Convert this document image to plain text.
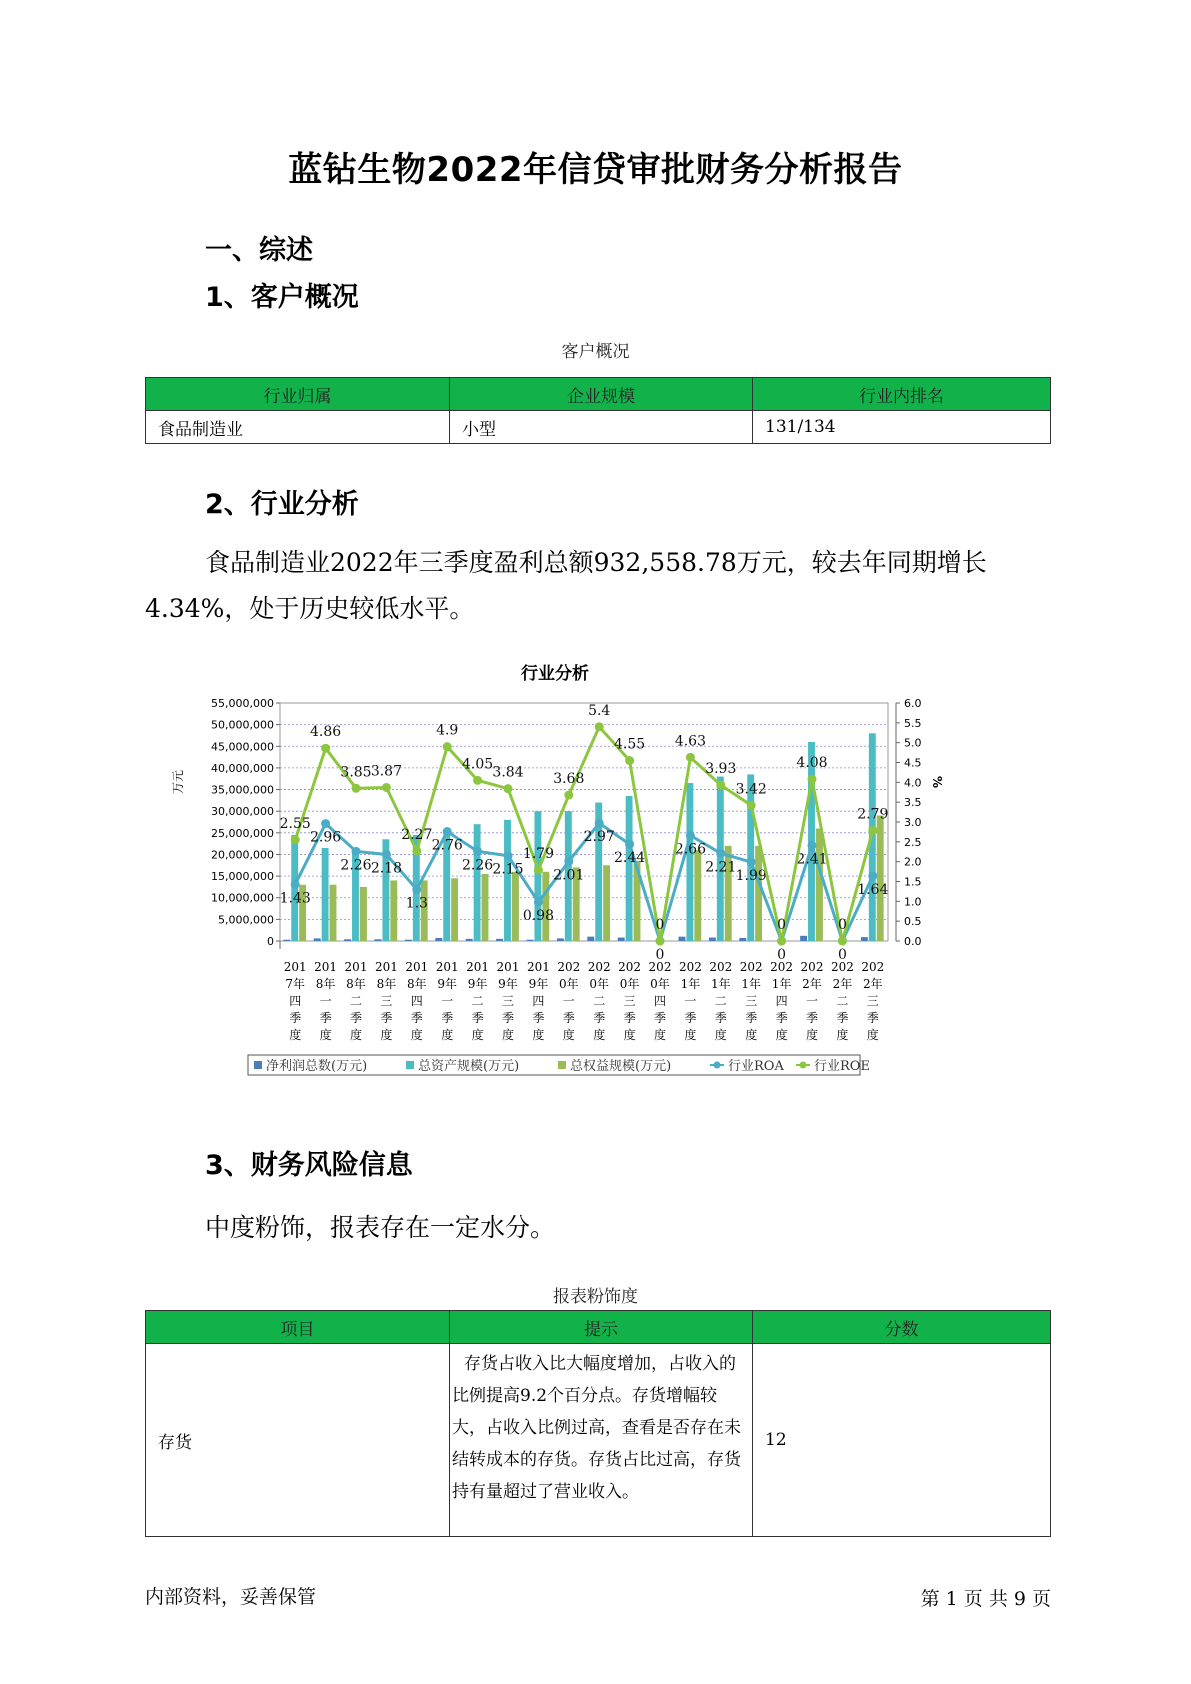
蓝钻生物2022年信贷审批财务分析报告
一、综述
1、客户概况
客户概况
行业归属	企业规模	行业内排名
食品制造业	小型	131/134
2、行业分析
食品制造业2022年三季度盈利总额932,558.78万元，较去年同期增长4.34%，处于历史较低水平。
行业分析
55,000,000
50,000,000
45,000,000
40,000,000
35,000,000
30,000,000
25,000,000
20,000,000
15,000,000
10,000,000
5,000,000
0
6.0
5.5
5.0
4.5
4.0
3.5
3.0
2.5
2.0
1.5
1.0
0.5
0.0
万元	%
1.43
2.96
2.26 2.18
1.3
2.76
2.26 2.15
0.98
2.01
2.97
2.44
0
2.66
2.21
1.99
0
2.41
0
1.64
2.55
4.86
3.85 3.87
2.27
4.9
4.05
3.84
1.79
3.68
5.4
4.55
0
4.63
3.93
3.42
0
4.08
0
2.79
201
7年
四
季
度
201
8年
一
季
度
201
8年
二
季
度
201
8年
三
季
度
201
8年
四
季
度
201
9年
一
季
度
201
9年
二
季
度
201
9年
三
季
度
201
9年
四
季
度
202
0年
一
季
度
202
0年
二
季
度
202
0年
三
季
度
202
0年
四
季
度
202
1年
一
季
度
202
1年
二
季
度
202
1年
三
季
度
202
1年
四
季
度
202
2年
一
季
度
202
2年
二
季
度
202
2年
三
季
度
净利润总数(万元)	总资产规模(万元)	总权益规模(万元)	行业ROA 行业ROE
3、财务风险信息
中度粉饰，报表存在一定水分。
报表粉饰度
项目	提示	分数
存货	存货占收入比大幅度增加，占收入的比例提高9.2个百分点。存货增幅较大，占收入比例过高，查看是否存在未结转成本的存货。存货占比过高，存货持有量超过了营业收入。	12
内部资料，妥善保管	第 1 页 共 9 页
